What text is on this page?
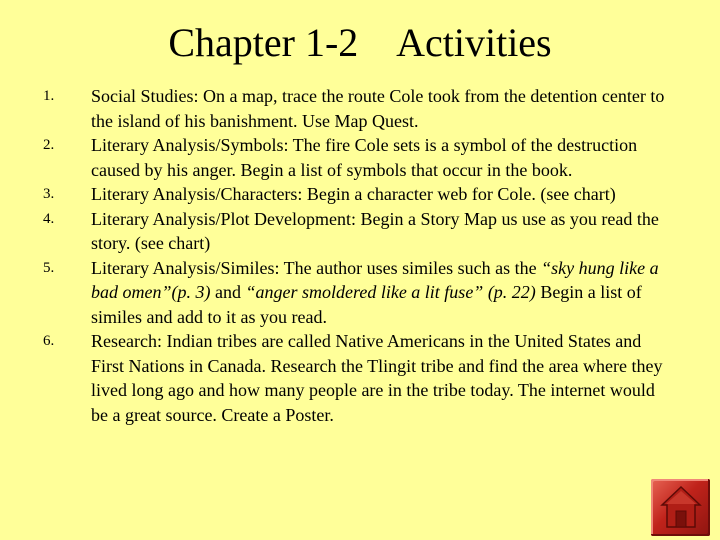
Chapter 1-2    Activities
1. Social Studies: On a map, trace the route Cole took from the detention center to the island of his banishment. Use Map Quest.
2. Literary Analysis/Symbols: The fire Cole sets is a symbol of the destruction caused by his anger. Begin a list of symbols that occur in the book.
3. Literary Analysis/Characters: Begin a character web for Cole. (see chart)
4. Literary Analysis/Plot Development: Begin a Story Map us use as you read the story. (see chart)
5. Literary Analysis/Similes: The author uses similes such as the “sky hung like a bad omen”(p. 3) and “anger smoldered like a lit fuse” (p. 22) Begin a list of similes and add to it as you read.
6. Research: Indian tribes are called Native Americans in the United States and First Nations in Canada. Research the Tlingit tribe and find the area where they lived long ago and how many people are in the tribe today. The internet would be a great source. Create a Poster.
